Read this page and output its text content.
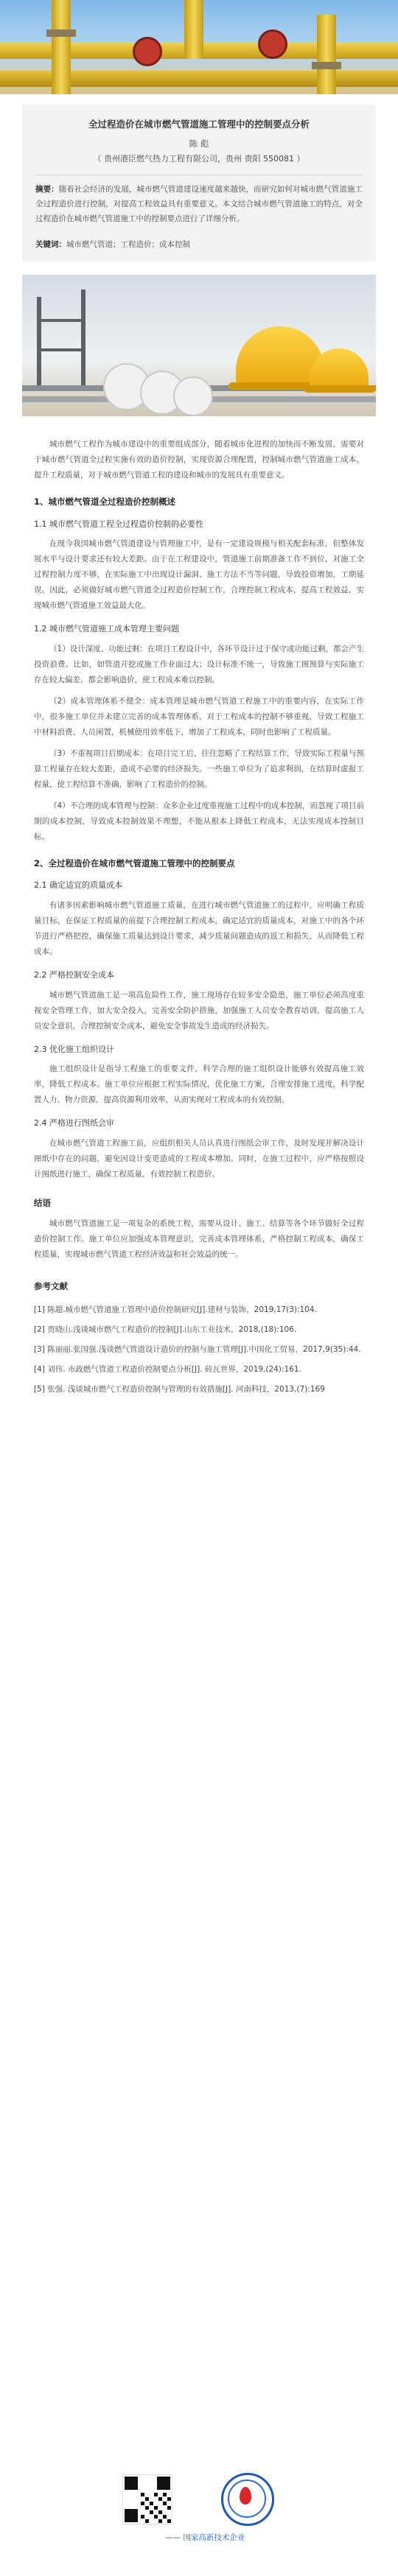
全过程造价在城市燃气管道施工管理中的控制要点分析
陈 彪
（ 贵州港臣燃气热力工程有限公司，贵州 贵阳 550081 ）
摘要：随着社会经济的发展，城市燃气管道建设速度越来越快，而研究如何对城市燃气管道施工全过程造价进行控制，对提高工程效益具有重要意义。本文结合城市燃气管道施工的特点，对全过程造价在城市燃气管道施工中的控制要点进行了详细分析。
关键词：城市燃气管道；工程造价；成本控制
城市燃气工程作为城市建设中的重要组成部分，随着城市化进程的加快而不断发展，需要对于城市燃气管道全过程实施有效的造价控制，实现资源合理配置，控制城市燃气管道施工成本，提升工程质量，对于城市燃气管道工程的建设和城市的发展具有重要意义。
1、城市燃气管道全过程造价控制概述
1.1 城市燃气管道工程全过程造价控制的必要性
在现今我国城市燃气管道建设与管理施工中，是有一定建设规模与相关配套标准，但整体发展水平与设计要求还有较大差距。由于在工程建设中，管道施工前期准备工作不到位，对施工全过程控制力度不够，在实际施工中出现设计漏洞、施工方法不当等问题，导致投资增加，工期延误。因此，必须做好城市燃气管道全过程造价控制工作，合理控制工程成本，提高工程效益，实现城市燃气管道施工效益最大化。
1.2 城市燃气管道施工成本管理主要问题
（1）设计深度、功能过剩：在项目工程设计中，各环节设计过于保守或功能过剩，都会产生投资浪费。比如，如管道开挖或施工作业面过大；设计标准不统一，导致施工图预算与实际施工存在较大偏差，都会影响造价，使工程成本难以控制。
（2）成本管理体系不健全：成本管理是城市燃气管道工程施工中的重要内容，在实际工作中，很多施工单位并未建立完善的成本管理体系，对于工程成本的控制不够重视，导致工程施工中材料浪费、人员闲置，机械使用效率低下，增加了工程成本，同时也影响了工程质量。
（3）不重视项目后期成本：在项目完工后，往往忽略了工程结算工作，导致实际工程量与预算工程量存在较大差距，造成不必要的经济损失。一些施工单位为了追求利润，在结算时虚报工程量，使工程结算不准确，影响了工程造价的控制。
（4）不合理的成本管理与控制：众多企业过度重视施工过程中的成本控制，而忽视了项目前期的成本控制，导致成本控制效果不理想，不能从根本上降低工程成本，无法实现成本控制目标。
2、全过程造价在城市燃气管道施工管理中的控制要点
2.1 确定适宜的质量成本
有诸多因素影响城市燃气管道施工质量，在进行城市燃气管道施工的过程中，应明确工程质量目标，在保证工程质量的前提下合理控制工程成本，确定适宜的质量成本，对施工中的各个环节进行严格把控，确保施工质量达到设计要求，减少质量问题造成的返工和损失，从而降低工程成本。
2.2 严格控制安全成本
城市燃气管道施工是一项高危险性工作，施工现场存在较多安全隐患，施工单位必须高度重视安全管理工作，加大安全投入，完善安全防护措施，加强施工人员安全教育培训，提高施工人员安全意识，合理控制安全成本，避免安全事故发生造成的经济损失。
2.3 优化施工组织设计
施工组织设计是指导工程施工的重要文件，科学合理的施工组织设计能够有效提高施工效率，降低工程成本。施工单位应根据工程实际情况，优化施工方案，合理安排施工进度，科学配置人力、物力资源，提高资源利用效率，从而实现对工程成本的有效控制。
2.4 严格进行图纸会审
在城市燃气管道工程施工前，应组织相关人员认真进行图纸会审工作，及时发现并解决设计图纸中存在的问题，避免因设计变更造成的工程成本增加。同时，在施工过程中，应严格按照设计图纸进行施工，确保工程质量，有效控制工程造价。
结语
城市燃气管道施工是一项复杂的系统工程，需要从设计、施工、结算等各个环节做好全过程造价控制工作。施工单位应加强成本管理意识，完善成本管理体系，严格控制工程成本，确保工程质量，实现城市燃气管道工程经济效益和社会效益的统一。
参考文献
[1] 陈超.城市燃气管道施工管理中造价控制研究[J].建材与装饰，2019,17(3):104.
[2] 贾晓山.浅谈城市燃气工程造价的控制[J].山东工业技术，2018,(18):106.
[3] 陈丽丽.张国强.浅谈燃气管道设计造价的控制与施工管理[J].中国化工贸易，2017,9(35):44.
[4] 刘伟. 市政燃气管道工程造价控制要点分析[J]. 砖瓦世界，2019,(24):161.
[5] 张强. 浅谈城市燃气工程造价控制与管理的有效措施[J]. 河南科技，2013,(7):169
—— 国家高新技术企业
